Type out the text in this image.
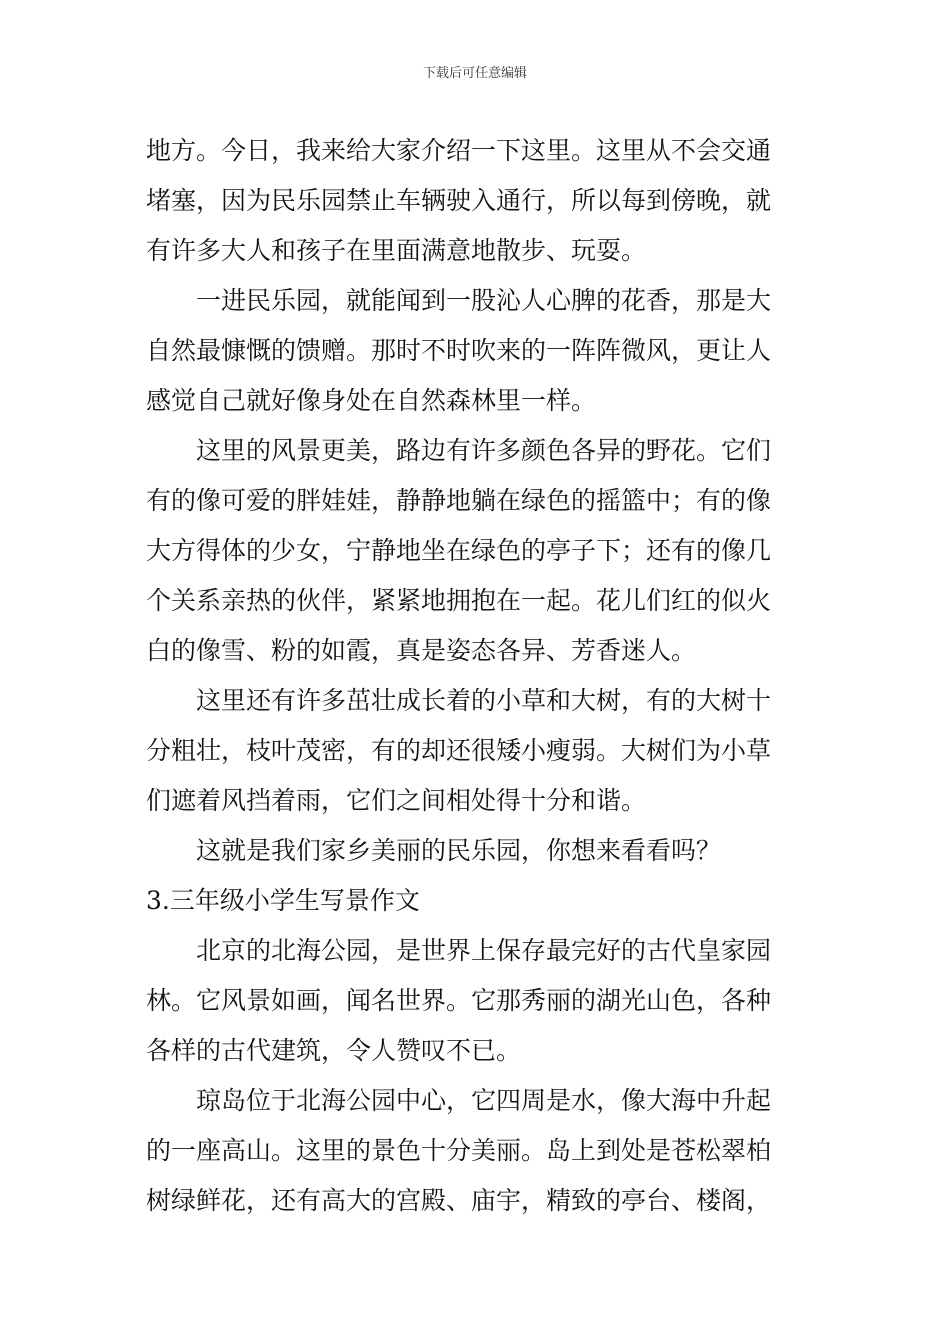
下载后可任意编辑
地方。今日，我来给大家介绍一下这里。这里从不会交通
堵塞，因为民乐园禁止车辆驶入通行，所以每到傍晚，就
有许多大人和孩子在里面满意地散步、玩耍。
一进民乐园，就能闻到一股沁人心脾的花香，那是大
自然最慷慨的馈赠。那时不时吹来的一阵阵微风，更让人
感觉自己就好像身处在自然森林里一样。
这里的风景更美，路边有许多颜色各异的野花。它们
有的像可爱的胖娃娃，静静地躺在绿色的摇篮中；有的像
大方得体的少女，宁静地坐在绿色的亭子下；还有的像几
个关系亲热的伙伴，紧紧地拥抱在一起。花儿们红的似火
白的像雪、粉的如霞，真是姿态各异、芳香迷人。
这里还有许多茁壮成长着的小草和大树，有的大树十
分粗壮，枝叶茂密，有的却还很矮小瘦弱。大树们为小草
们遮着风挡着雨，它们之间相处得十分和谐。
这就是我们家乡美丽的民乐园，你想来看看吗？
3.三年级小学生写景作文
北京的北海公园，是世界上保存最完好的古代皇家园
林。它风景如画，闻名世界。它那秀丽的湖光山色，各种
各样的古代建筑，令人赞叹不已。
琼岛位于北海公园中心，它四周是水，像大海中升起
的一座高山。这里的景色十分美丽。岛上到处是苍松翠柏
树绿鲜花，还有高大的宫殿、庙宇，精致的亭台、楼阁，
